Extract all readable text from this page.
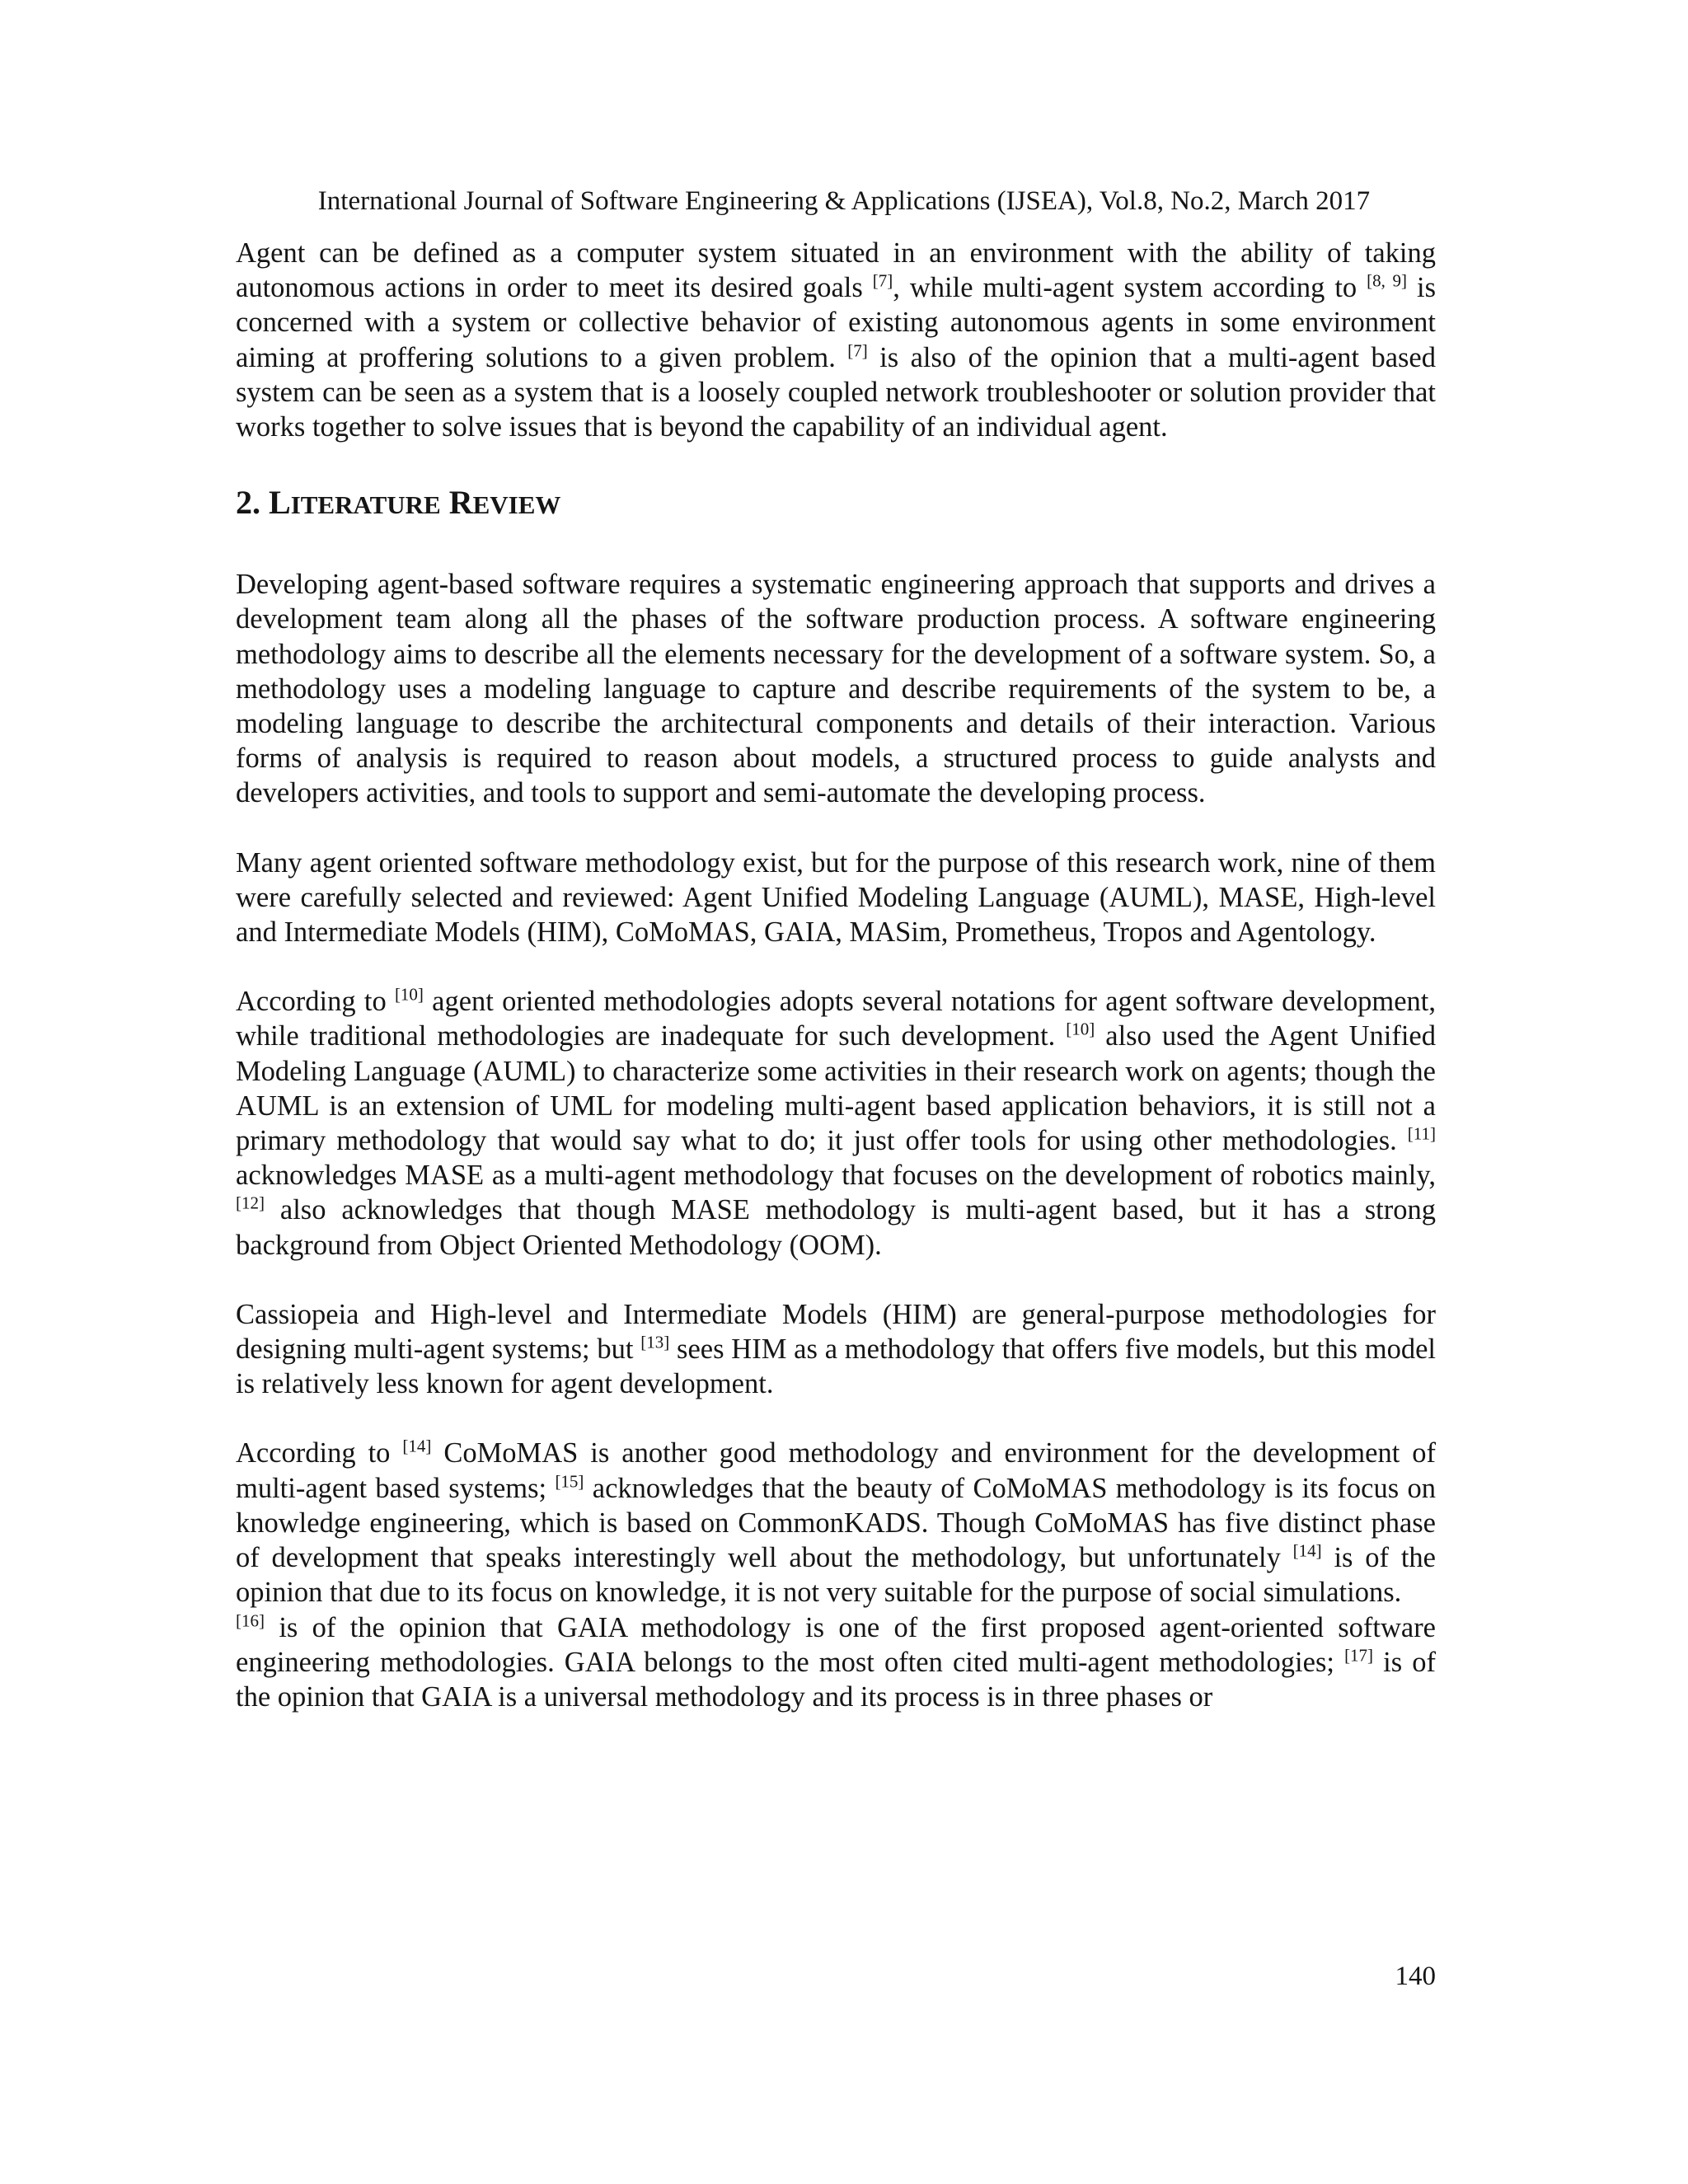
International Journal of Software Engineering & Applications (IJSEA), Vol.8, No.2, March 2017

Agent can be defined as a computer system situated in an environment with the ability of taking autonomous actions in order to meet its desired goals [7], while multi-agent system according to [8, 9] is concerned with a system or collective behavior of existing autonomous agents in some environment aiming at proffering solutions to a given problem. [7] is also of the opinion that a multi-agent based system can be seen as a system that is a loosely coupled network troubleshooter or solution provider that works together to solve issues that is beyond the capability of an individual agent.

2. LITERATURE REVIEW

Developing agent-based software requires a systematic engineering approach that supports and drives a development team along all the phases of the software production process. A software engineering methodology aims to describe all the elements necessary for the development of a software system. So, a methodology uses a modeling language to capture and describe requirements of the system to be, a modeling language to describe the architectural components and details of their interaction. Various forms of analysis is required to reason about models, a structured process to guide analysts and developers activities, and tools to support and semi-automate the developing process.

Many agent oriented software methodology exist, but for the purpose of this research work, nine of them were carefully selected and reviewed: Agent Unified Modeling Language (AUML), MASE, High-level and Intermediate Models (HIM), CoMoMAS, GAIA, MASim, Prometheus, Tropos and Agentology.

According to [10] agent oriented methodologies adopts several notations for agent software development, while traditional methodologies are inadequate for such development. [10] also used the Agent Unified Modeling Language (AUML) to characterize some activities in their research work on agents; though the AUML is an extension of UML for modeling multi-agent based application behaviors, it is still not a primary methodology that would say what to do; it just offer tools for using other methodologies. [11] acknowledges MASE as a multi-agent methodology that focuses on the development of robotics mainly, [12] also acknowledges that though MASE methodology is multi-agent based, but it has a strong background from Object Oriented Methodology (OOM).

Cassiopeia and High-level and Intermediate Models (HIM) are general-purpose methodologies for designing multi-agent systems; but [13] sees HIM as a methodology that offers five models, but this model is relatively less known for agent development.

According to [14] CoMoMAS is another good methodology and environment for the development of multi-agent based systems; [15] acknowledges that the beauty of CoMoMAS methodology is its focus on knowledge engineering, which is based on CommonKADS. Though CoMoMAS has five distinct phase of development that speaks interestingly well about the methodology, but unfortunately [14] is of the opinion that due to its focus on knowledge, it is not very suitable for the purpose of social simulations.

[16] is of the opinion that GAIA methodology is one of the first proposed agent-oriented software engineering methodologies. GAIA belongs to the most often cited multi-agent methodologies; [17] is of the opinion that GAIA is a universal methodology and its process is in three phases or

140
